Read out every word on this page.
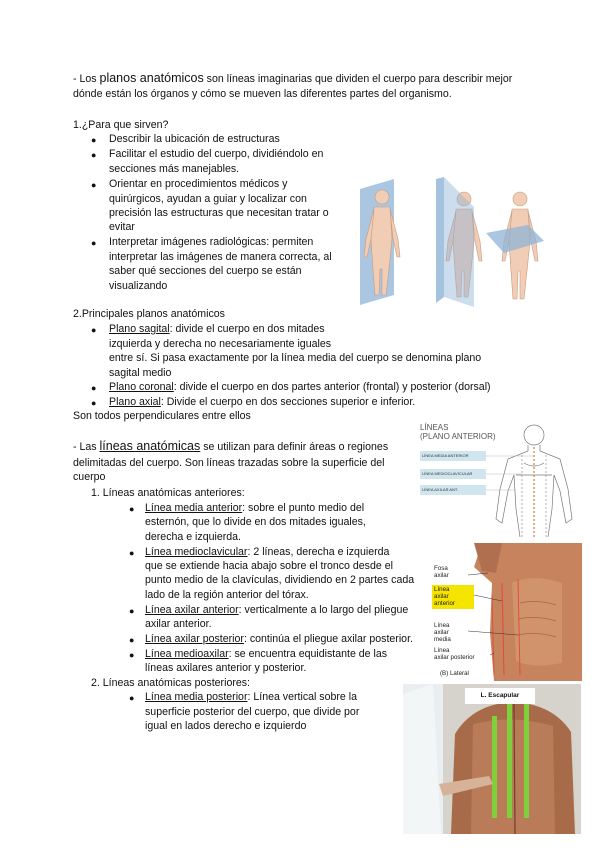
- Los planos anatómicos son líneas imaginarias que dividen el cuerpo para describir mejor
dónde están los órganos y cómo se mueven las diferentes partes del organismo.
1.¿Para que sirven?
● Describir la ubicación de estructuras
● Facilitar el estudio del cuerpo, dividiéndolo en
secciones más manejables.
● Orientar en procedimientos médicos y
quirúrgicos, ayudan a guiar y localizar con
precisión las estructuras que necesitan tratar o
evitar
● Interpretar imágenes radiológicas: permiten
interpretar las imágenes de manera correcta, al
saber qué secciones del cuerpo se están
visualizando
2.Principales planos anatómicos
● Plano sagital: divide el cuerpo en dos mitades
izquierda y derecha no necesariamente iguales
entre sí. Si pasa exactamente por la línea media del cuerpo se denomina plano
sagital medio
● Plano coronal: divide el cuerpo en dos partes anterior (frontal) y posterior (dorsal)
● Plano axial: Divide el cuerpo en dos secciones superior e inferior.
Son todos perpendiculares entre ellos
- Las líneas anatómicas se utilizan para definir áreas o regiones
delimitadas del cuerpo. Son líneas trazadas sobre la superficie del
cuerpo
1. Líneas anatómicas anteriores:
● Línea media anterior: sobre el punto medio del
esternón, que lo divide en dos mitades iguales,
derecha e izquierda.
● Línea medioclavicular: 2 líneas, derecha e izquierda
que se extiende hacia abajo sobre el tronco desde el
punto medio de la clavículas, dividiendo en 2 partes cada
lado de la región anterior del tórax.
● Línea axilar anterior: verticalmente a lo largo del pliegue
axilar anterior.
● Línea axilar posterior: continúa el pliegue axilar posterior.
● Línea medioaxilar: se encuentra equidistante de las
líneas axilares anterior y posterior.
2. Líneas anatómicas posteriores:
● Línea media posterior: Línea vertical sobre la
superficie posterior del cuerpo, que divide por
igual en lados derecho e izquierdo
LÍNEAS
(PLANO ANTERIOR)
LÍNEA MEDIA ANTERIOR
LÍNEA MEDIOCLAVICULAR
LÍNEA AXILAR ANT.
Fosa
axilar
Línea
axilar
anterior
Línea
axilar
media
Línea
axilar posterior
(B) Lateral
L. Escapular
